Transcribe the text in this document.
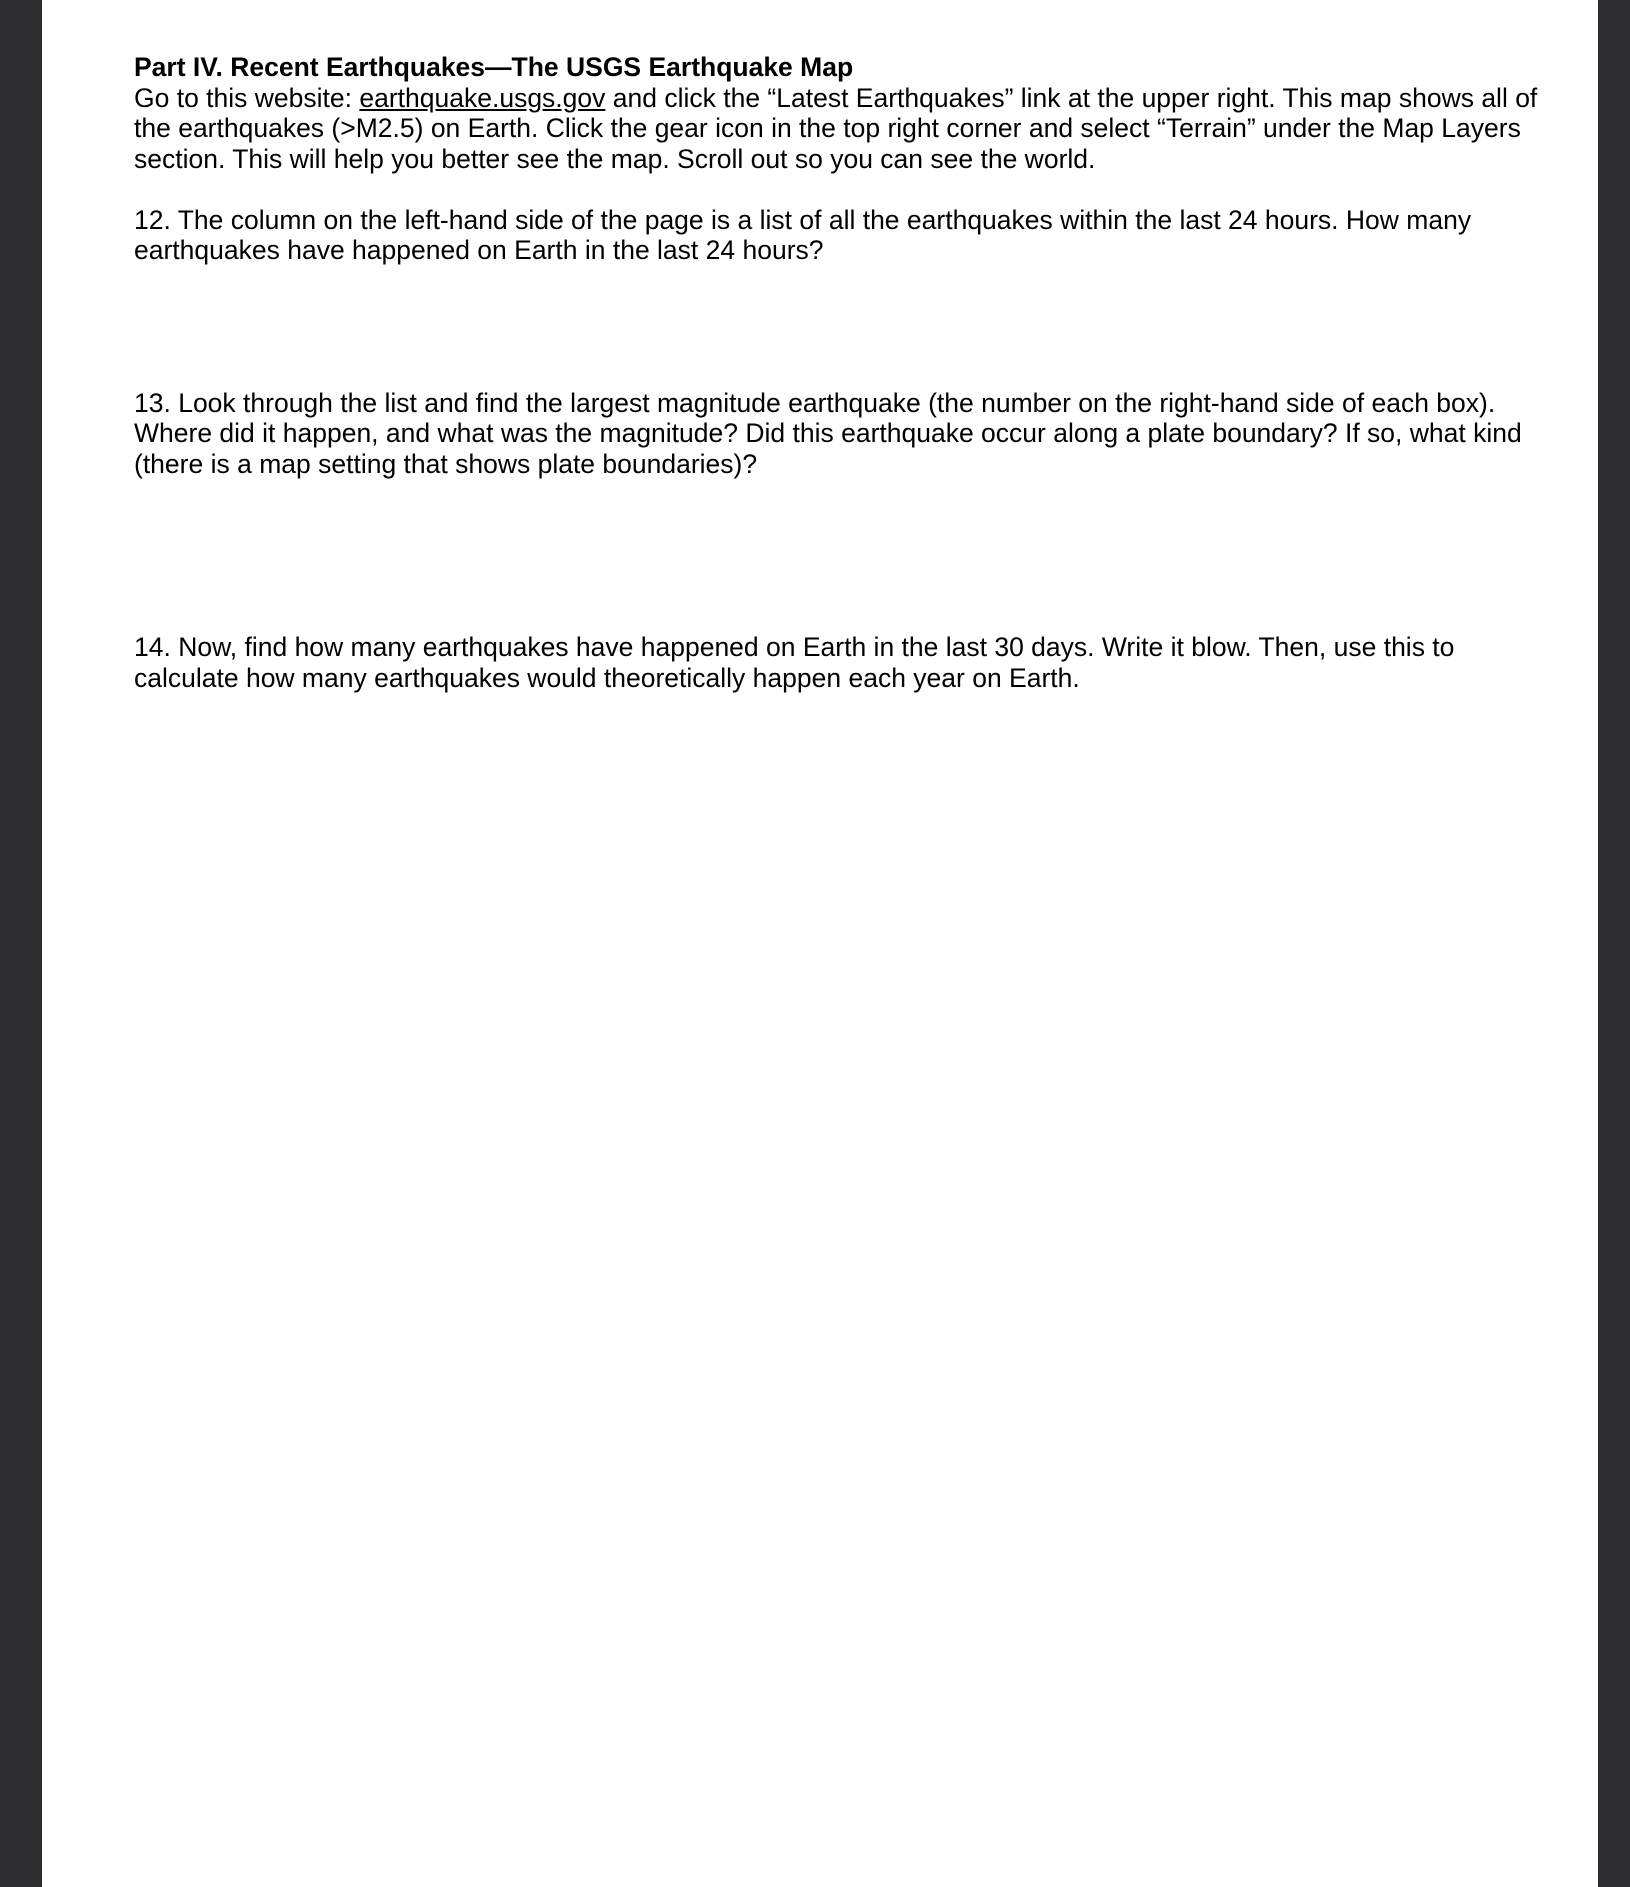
Part IV. Recent Earthquakes—The USGS Earthquake Map

Go to this website: earthquake.usgs.gov and click the “Latest Earthquakes” link at the upper right. This map shows all of the earthquakes (>M2.5) on Earth. Click the gear icon in the top right corner and select “Terrain” under the Map Layers section. This will help you better see the map. Scroll out so you can see the world.

12. The column on the left-hand side of the page is a list of all the earthquakes within the last 24 hours. How many earthquakes have happened on Earth in the last 24 hours?

13. Look through the list and find the largest magnitude earthquake (the number on the right-hand side of each box). Where did it happen, and what was the magnitude? Did this earthquake occur along a plate boundary? If so, what kind (there is a map setting that shows plate boundaries)?

14. Now, find how many earthquakes have happened on Earth in the last 30 days. Write it blow. Then, use this to calculate how many earthquakes would theoretically happen each year on Earth.
